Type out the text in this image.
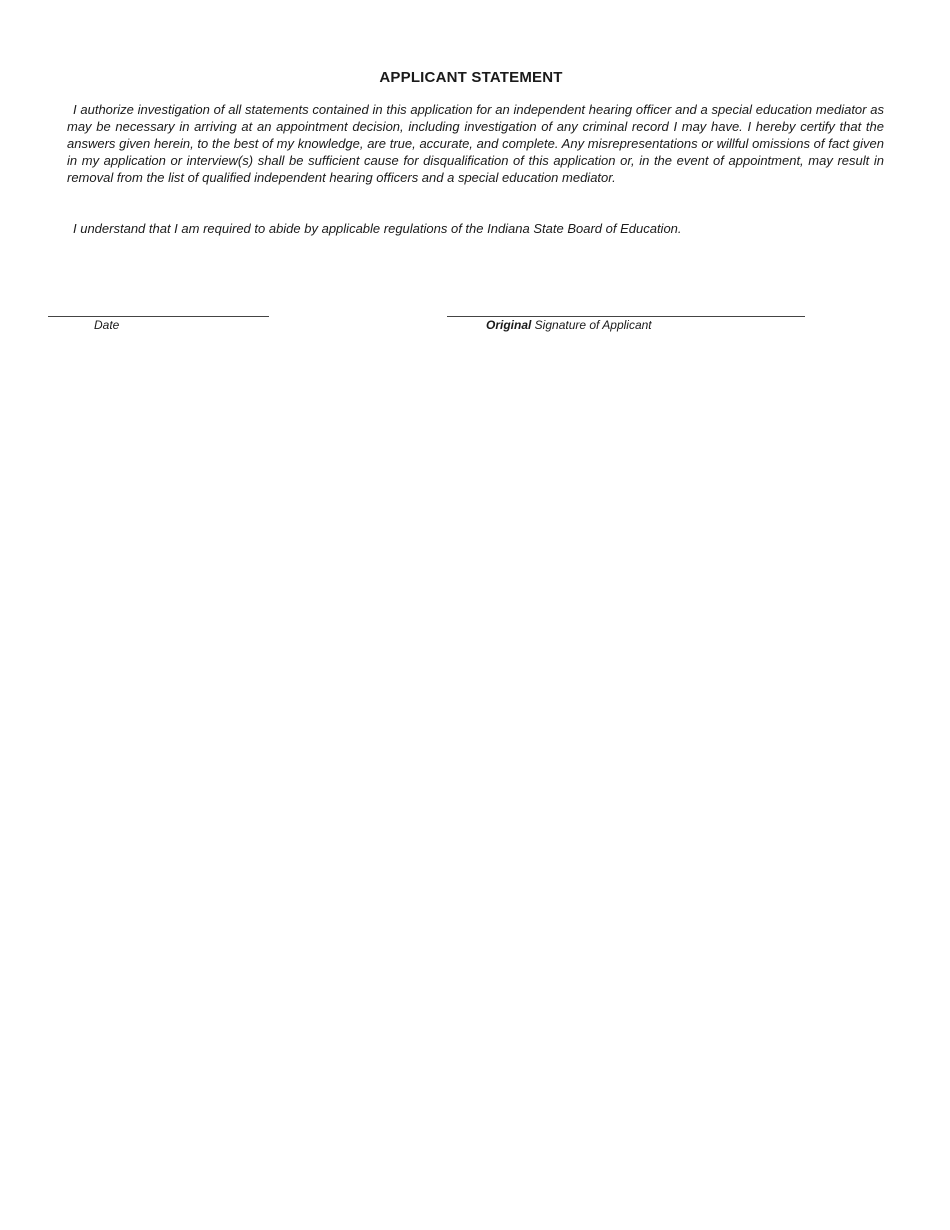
APPLICANT STATEMENT
I authorize investigation of all statements contained in this application for an independent hearing officer and a special education mediator as may be necessary in arriving at an appointment decision, including investigation of any criminal record I may have. I hereby certify that the answers given herein, to the best of my knowledge, are true, accurate, and complete. Any misrepresentations or willful omissions of fact given in my application or interview(s) shall be sufficient cause for disqualification of this application or, in the event of appointment, may result in removal from the list of qualified independent hearing officers and a special education mediator.
I understand that I am required to abide by applicable regulations of the Indiana State Board of Education.
Date	Original Signature of Applicant
